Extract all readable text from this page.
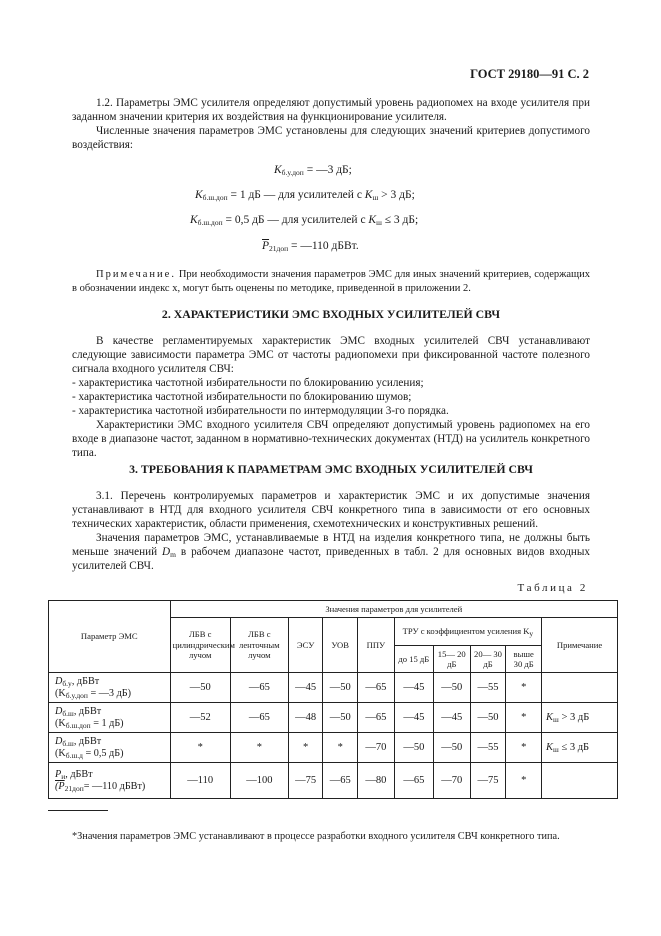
ГОСТ 29180—91 С. 2

1.2. Параметры ЭМС усилителя определяют допустимый уровень радиопомех на входе усилителя при заданном значении критерия их воздействия на функционирование усилителя.

Численные значения параметров ЭМС установлены для следующих значений критериев допустимого воздействия:

$K_{б.у.доп}$ = —3 дБ;
$K_{б.ш.доп} = 1$ дБ — для усилителей с $K_ш > 3$ дБ;
$K_{б.ш.доп} = 0,5$ дБ — для усилителей с $K_ш \le 3$ дБ;
$\overline{P}_{21доп}$ = —110 дБВт.

Примечание. При необходимости значения параметров ЭМС для иных значений критериев, содержащих в обозначении индекс x, могут быть оценены по методике, приведенной в приложении 2.

2. ХАРАКТЕРИСТИКИ ЭМС ВХОДНЫХ УСИЛИТЕЛЕЙ СВЧ

В качестве регламентируемых характеристик ЭМС входных усилителей СВЧ устанавливают следующие зависимости параметра ЭМС от частоты радиопомехи при фиксированной частоте полезного сигнала входного усилителя СВЧ:

- характеристика частотной избирательности по блокированию усиления;

- характеристика частотной избирательности по блокированию шумов;

- характеристика частотной избирательности по интермодуляции 3-го порядка.

Характеристики ЭМС входного усилителя СВЧ определяют допустимый уровень радиопомех на его входе в диапазоне частот, заданном в нормативно-технических документах (НТД) на усилитель конкретного типа.

3. ТРЕБОВАНИЯ К ПАРАМЕТРАМ ЭМС ВХОДНЫХ УСИЛИТЕЛЕЙ СВЧ

3.1. Перечень контролируемых параметров и характеристик ЭМС и их допустимые значения устанавливают в НТД для входного усилителя СВЧ конкретного типа в зависимости от его основных технических характеристик, области применения, схемотехнических и конструктивных решений.

Значения параметров ЭМС, устанавливаемые в НТД на изделия конкретного типа, не должны быть меньше значений $D_m$ в рабочем диапазоне частот, приведенных в табл. 2 для основных видов входных усилителей СВЧ.

Таблица 2
Параметр ЭМС	Значения параметров для усилителей									
	ЛБВ с цилиндрическим лучом	ЛБВ с ленточным лучом	ЭСУ	УОВ	ППУ	ТРУ с коэффициентом усиления $K_у$				Примечание
						до 15 дБ	15— 20 дБ	20— 30 дБ	выше 30 дБ	
$D_{б.у}$, дБВт
($K_{б.у.доп}$ = —3 дБ)	—50	—65	—45	—50	—65	—45	—50	—55	*	
$D_{б.ш}$, дБВт
($K_{б.ш.доп} = 1$ дБ)	—52	—65	—48	—50	—65	—45	—45	—50	*	$K_ш > 3$ дБ
$D_{б.ш}$, дБВт
($K_{б.ш.д} = 0,5$ дБ)	*	*	*	*	—70	—50	—50	—55	*	$K_ш \le 3$ дБ
$P_и$, дБВт
($P_{21доп}=$ —110 дБВт)	—110	—100	—75	—65	—80	—65	—70	—75	*	

*Значения параметров ЭМС устанавливают в процессе разработки входного усилителя СВЧ конкретного типа.
